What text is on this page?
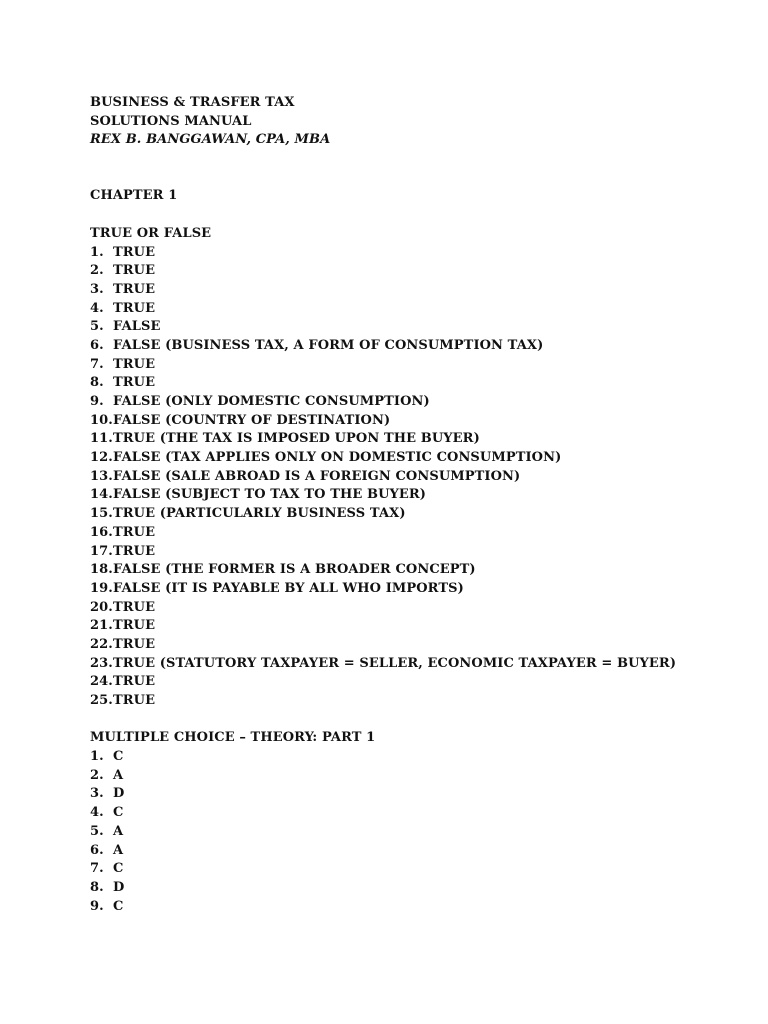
BUSINESS & TRASFER TAX
SOLUTIONS MANUAL
REX B. BANGGAWAN, CPA, MBA
CHAPTER 1
TRUE OR FALSE
1. TRUE
2. TRUE
3. TRUE
4. TRUE
5. FALSE
6. FALSE (BUSINESS TAX, A FORM OF CONSUMPTION TAX)
7. TRUE
8. TRUE
9. FALSE (ONLY DOMESTIC CONSUMPTION)
10. FALSE (COUNTRY OF DESTINATION)
11. TRUE (THE TAX IS IMPOSED UPON THE BUYER)
12. FALSE (TAX APPLIES ONLY ON DOMESTIC CONSUMPTION)
13. FALSE (SALE ABROAD IS A FOREIGN CONSUMPTION)
14. FALSE (SUBJECT TO TAX TO THE BUYER)
15. TRUE (PARTICULARLY BUSINESS TAX)
16. TRUE
17. TRUE
18. FALSE (THE FORMER IS A BROADER CONCEPT)
19. FALSE (IT IS PAYABLE BY ALL WHO IMPORTS)
20. TRUE
21. TRUE
22. TRUE
23. TRUE (STATUTORY TAXPAYER = SELLER, ECONOMIC TAXPAYER = BUYER)
24. TRUE
25. TRUE
MULTIPLE CHOICE – THEORY: PART 1
1. C
2. A
3. D
4. C
5. A
6. A
7. C
8. D
9. C
